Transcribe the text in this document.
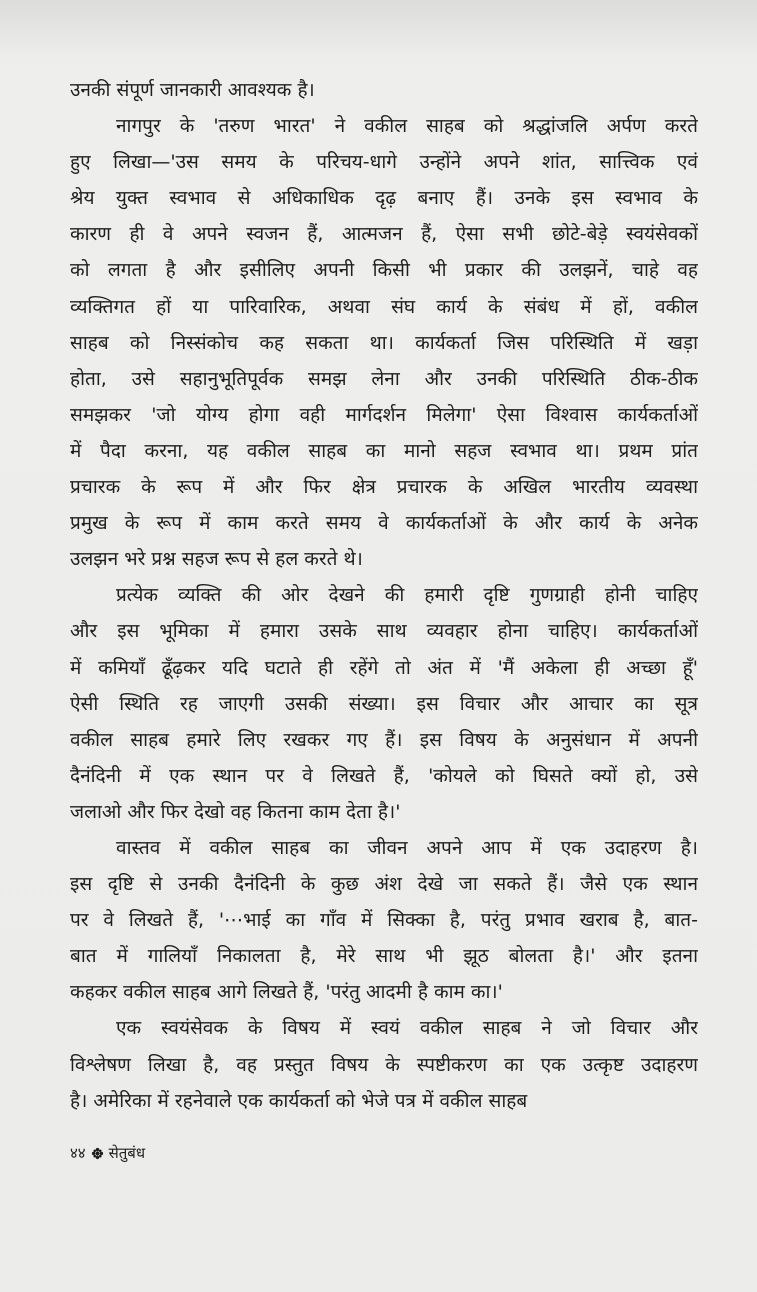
उनकी संपूर्ण जानकारी आवश्यक है।
नागपुर के 'तरुण भारत' ने वकील साहब को श्रद्धांजलि अर्पण करते
हुए लिखा—'उस समय के परिचय-धागे उन्होंने अपने शांत, सात्त्विक एवं
श्रेय युक्त स्वभाव से अधिकाधिक दृढ़ बनाए हैं। उनके इस स्वभाव के
कारण ही वे अपने स्वजन हैं, आत्मजन हैं, ऐसा सभी छोटे-बेड़े स्वयंसेवकों
को लगता है और इसीलिए अपनी किसी भी प्रकार की उलझनें, चाहे वह
व्यक्तिगत हों या पारिवारिक, अथवा संघ कार्य के संबंध में हों, वकील
साहब को निस्संकोच कह सकता था। कार्यकर्ता जिस परिस्थिति में खड़ा
होता, उसे सहानुभूतिपूर्वक समझ लेना और उनकी परिस्थिति ठीक-ठीक
समझकर 'जो योग्य होगा वही मार्गदर्शन मिलेगा' ऐसा विश्वास कार्यकर्ताओं
में पैदा करना, यह वकील साहब का मानो सहज स्वभाव था। प्रथम प्रांत
प्रचारक के रूप में और फिर क्षेत्र प्रचारक के अखिल भारतीय व्यवस्था
प्रमुख के रूप में काम करते समय वे कार्यकर्ताओं के और कार्य के अनेक
उलझन भरे प्रश्न सहज रूप से हल करते थे।
प्रत्येक व्यक्ति की ओर देखने की हमारी दृष्टि गुणग्राही होनी चाहिए
और इस भूमिका में हमारा उसके साथ व्यवहार होना चाहिए। कार्यकर्ताओं
में कमियाँ ढूँढ़कर यदि घटाते ही रहेंगे तो अंत में 'मैं अकेला ही अच्छा हूँ'
ऐसी स्थिति रह जाएगी उसकी संख्या। इस विचार और आचार का सूत्र
वकील साहब हमारे लिए रखकर गए हैं। इस विषय के अनुसंधान में अपनी
दैनंदिनी में एक स्थान पर वे लिखते हैं, 'कोयले को घिसते क्यों हो, उसे
जलाओ और फिर देखो वह कितना काम देता है।'
वास्तव में वकील साहब का जीवन अपने आप में एक उदाहरण है।
इस दृष्टि से उनकी दैनंदिनी के कुछ अंश देखे जा सकते हैं। जैसे एक स्थान
पर वे लिखते हैं, '⋯भाई का गाँव में सिक्का है, परंतु प्रभाव खराब है, बात-
बात में गालियाँ निकालता है, मेरे साथ भी झूठ बोलता है।' और इतना
कहकर वकील साहब आगे लिखते हैं, 'परंतु आदमी है काम का।'
एक स्वयंसेवक के विषय में स्वयं वकील साहब ने जो विचार और
विश्लेषण लिखा है, वह प्रस्तुत विषय के स्पष्टीकरण का एक उत्कृष्ट उदाहरण
है। अमेरिका में रहनेवाले एक कार्यकर्ता को भेजे पत्र में वकील साहब
४४ सेतुबंध
